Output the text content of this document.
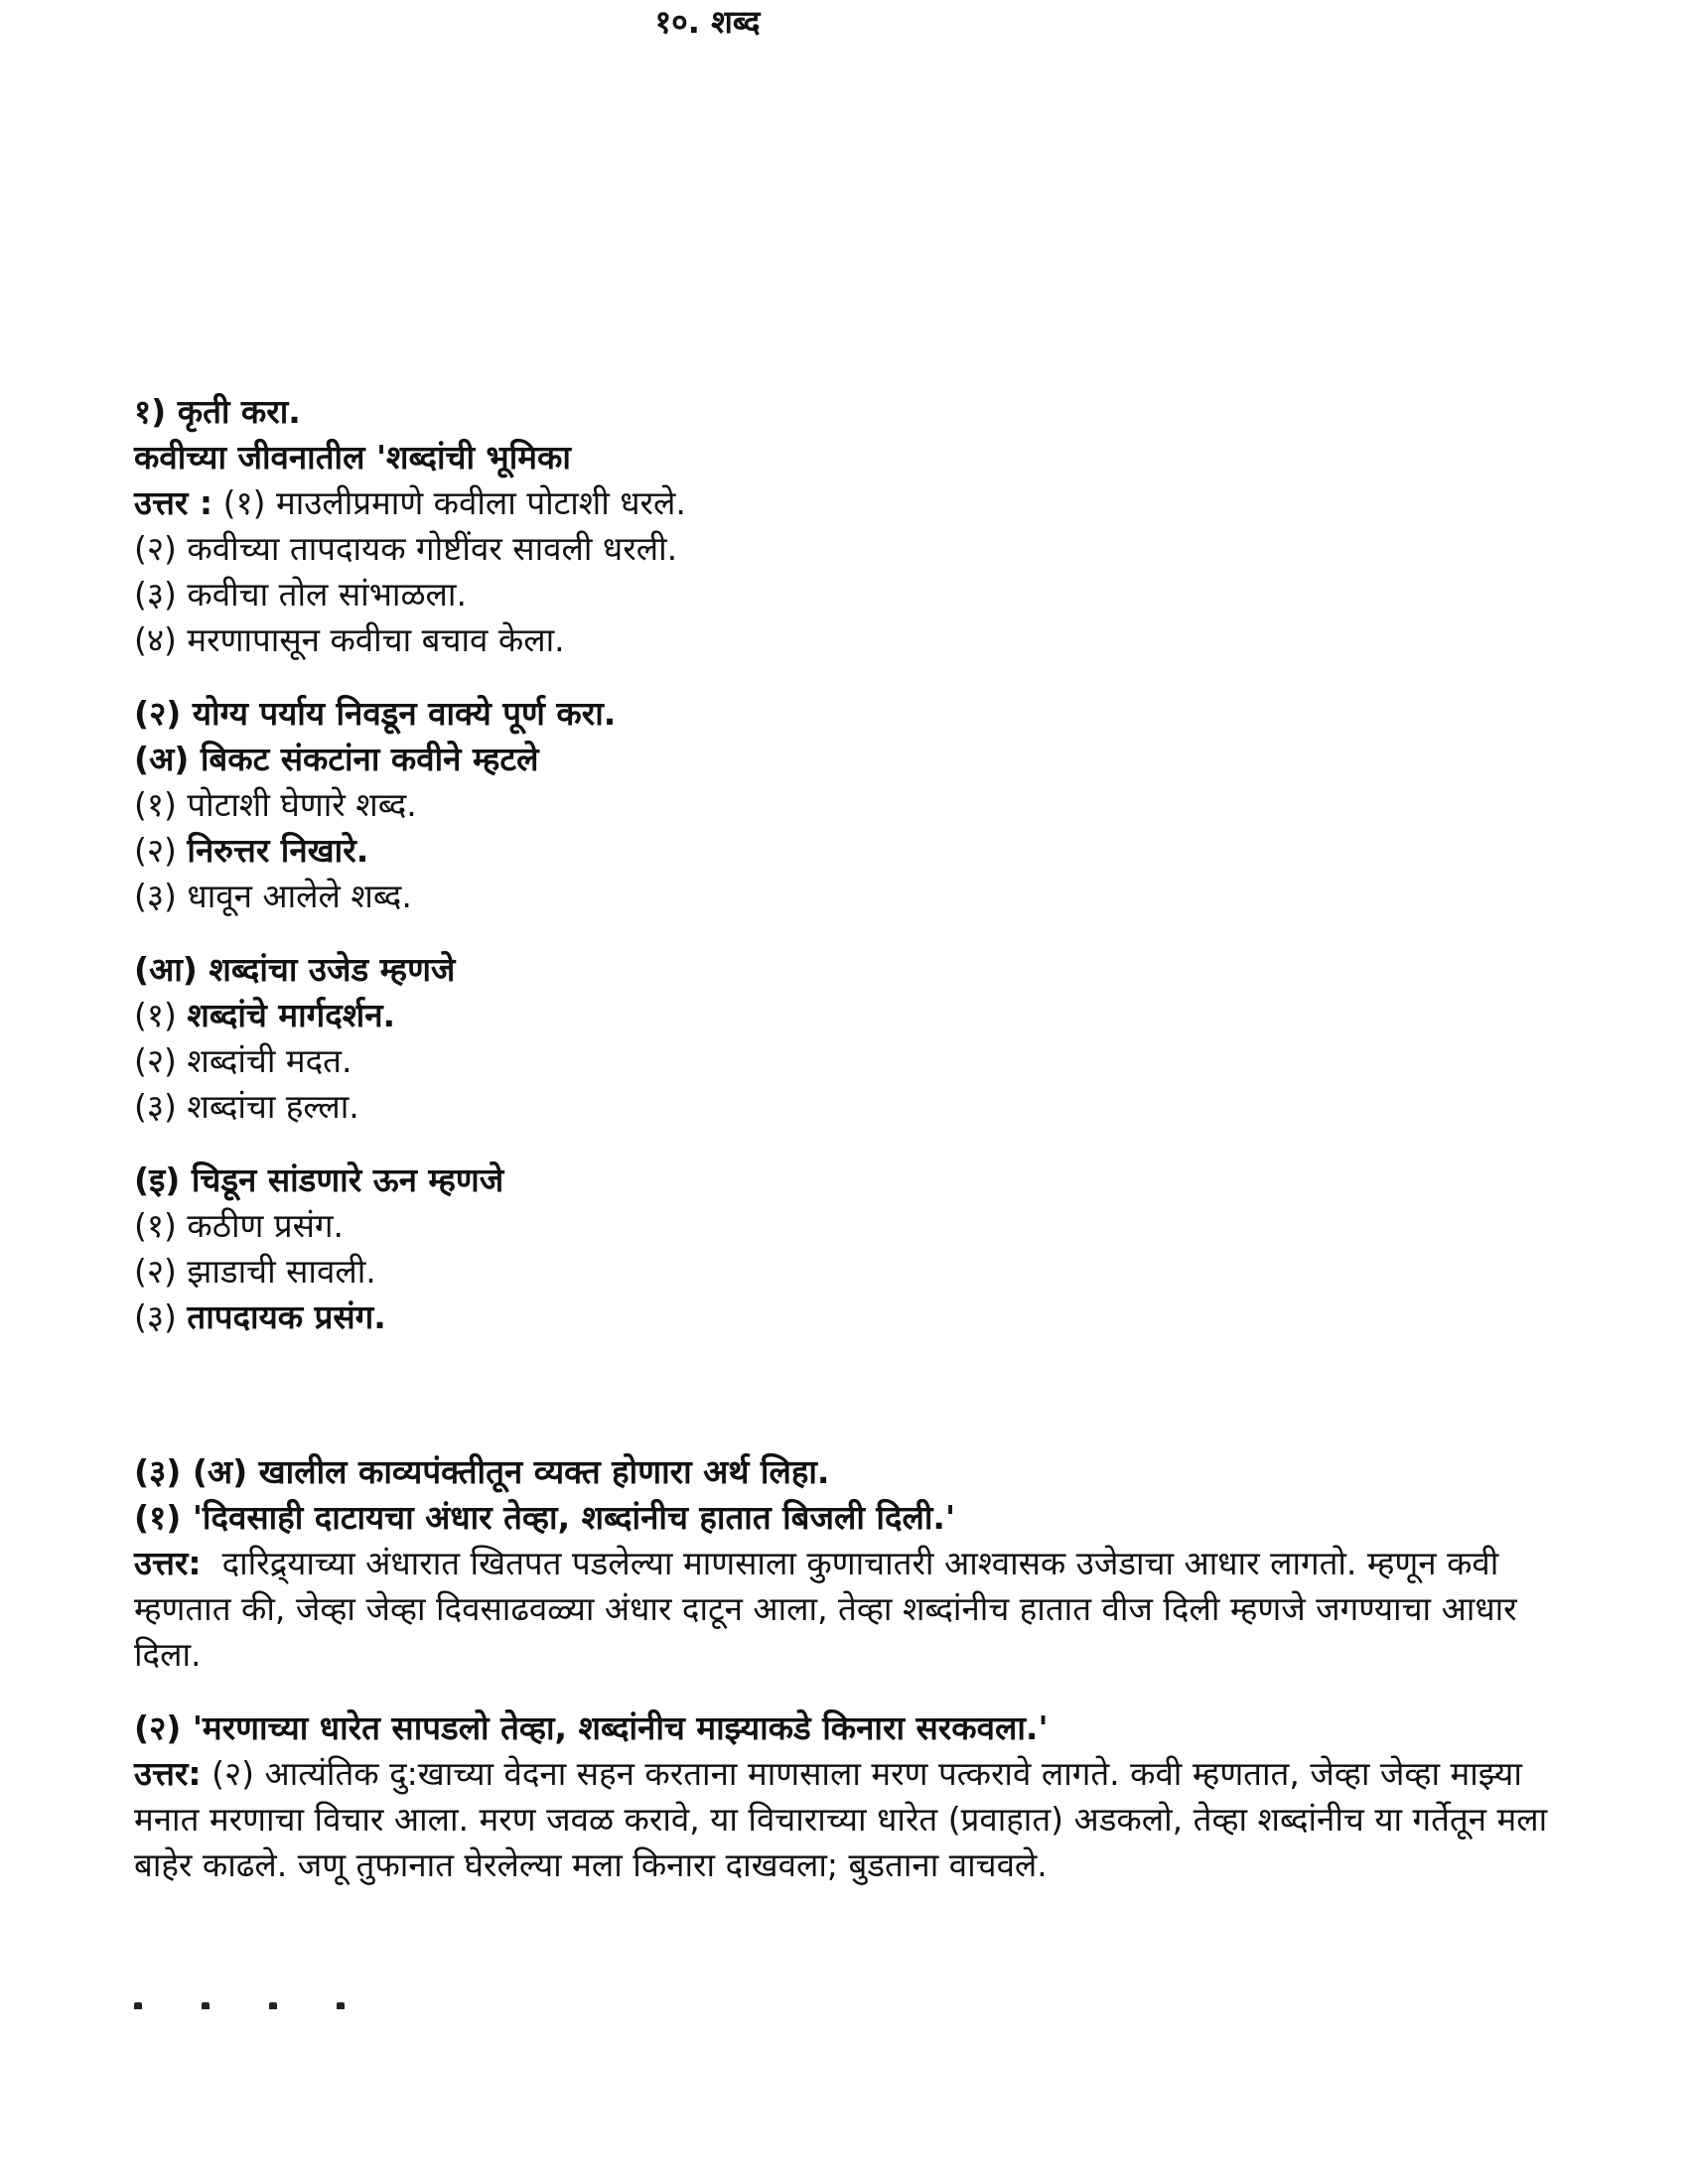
१०. शब्द
१) कृती करा.
कवीच्या जीवनातील 'शब्दांची भूमिका
उत्तर : (१) माउलीप्रमाणे कवीला पोटाशी धरले.
(२) कवीच्या तापदायक गोष्टींवर सावली धरली.
(३) कवीचा तोल सांभाळला.
(४) मरणापासून कवीचा बचाव केला.
(२) योग्य पर्याय निवडून वाक्ये पूर्ण करा.
(अ) बिकट संकटांना कवीने म्हटले
(१) पोटाशी घेणारे शब्द.
(२) निरुत्तर निखारे.
(३) धावून आलेले शब्द.
(आ) शब्दांचा उजेड म्हणजे
(१) शब्दांचे मार्गदर्शन.
(२) शब्दांची मदत.
(३) शब्दांचा हल्ला.
(इ) चिडून सांडणारे ऊन म्हणजे
(१) कठीण प्रसंग.
(२) झाडाची सावली.
(३) तापदायक प्रसंग.
(३) (अ) खालील काव्यपंक्तीतून व्यक्त होणारा अर्थ लिहा.
(१) 'दिवसाही दाटायचा अंधार तेव्हा, शब्दांनीच हातात बिजली दिली.'
उत्तर: दारिद्र्याच्या अंधारात खितपत पडलेल्या माणसाला कुणाचातरी आश्वासक उजेडाचा आधार लागतो. म्हणून कवी म्हणतात की, जेव्हा जेव्हा दिवसाढवळ्या अंधार दाटून आला, तेव्हा शब्दांनीच हातात वीज दिली म्हणजे जगण्याचा आधार दिला.
(२) 'मरणाच्या धारेत सापडलो तेव्हा, शब्दांनीच माझ्याकडे किनारा सरकवला.'
उत्तर: (२) आत्यंतिक दु:खाच्या वेदना सहन करताना माणसाला मरण पत्करावे लागते. कवी म्हणतात, जेव्हा जेव्हा माझ्या मनात मरणाचा विचार आला. मरण जवळ करावे, या विचाराच्या धारेत (प्रवाहात) अडकलो, तेव्हा शब्दांनीच या गर्तेतून मला बाहेर काढले. जणू तुफानात घेरलेल्या मला किनारा दाखवला; बुडताना वाचवले.
